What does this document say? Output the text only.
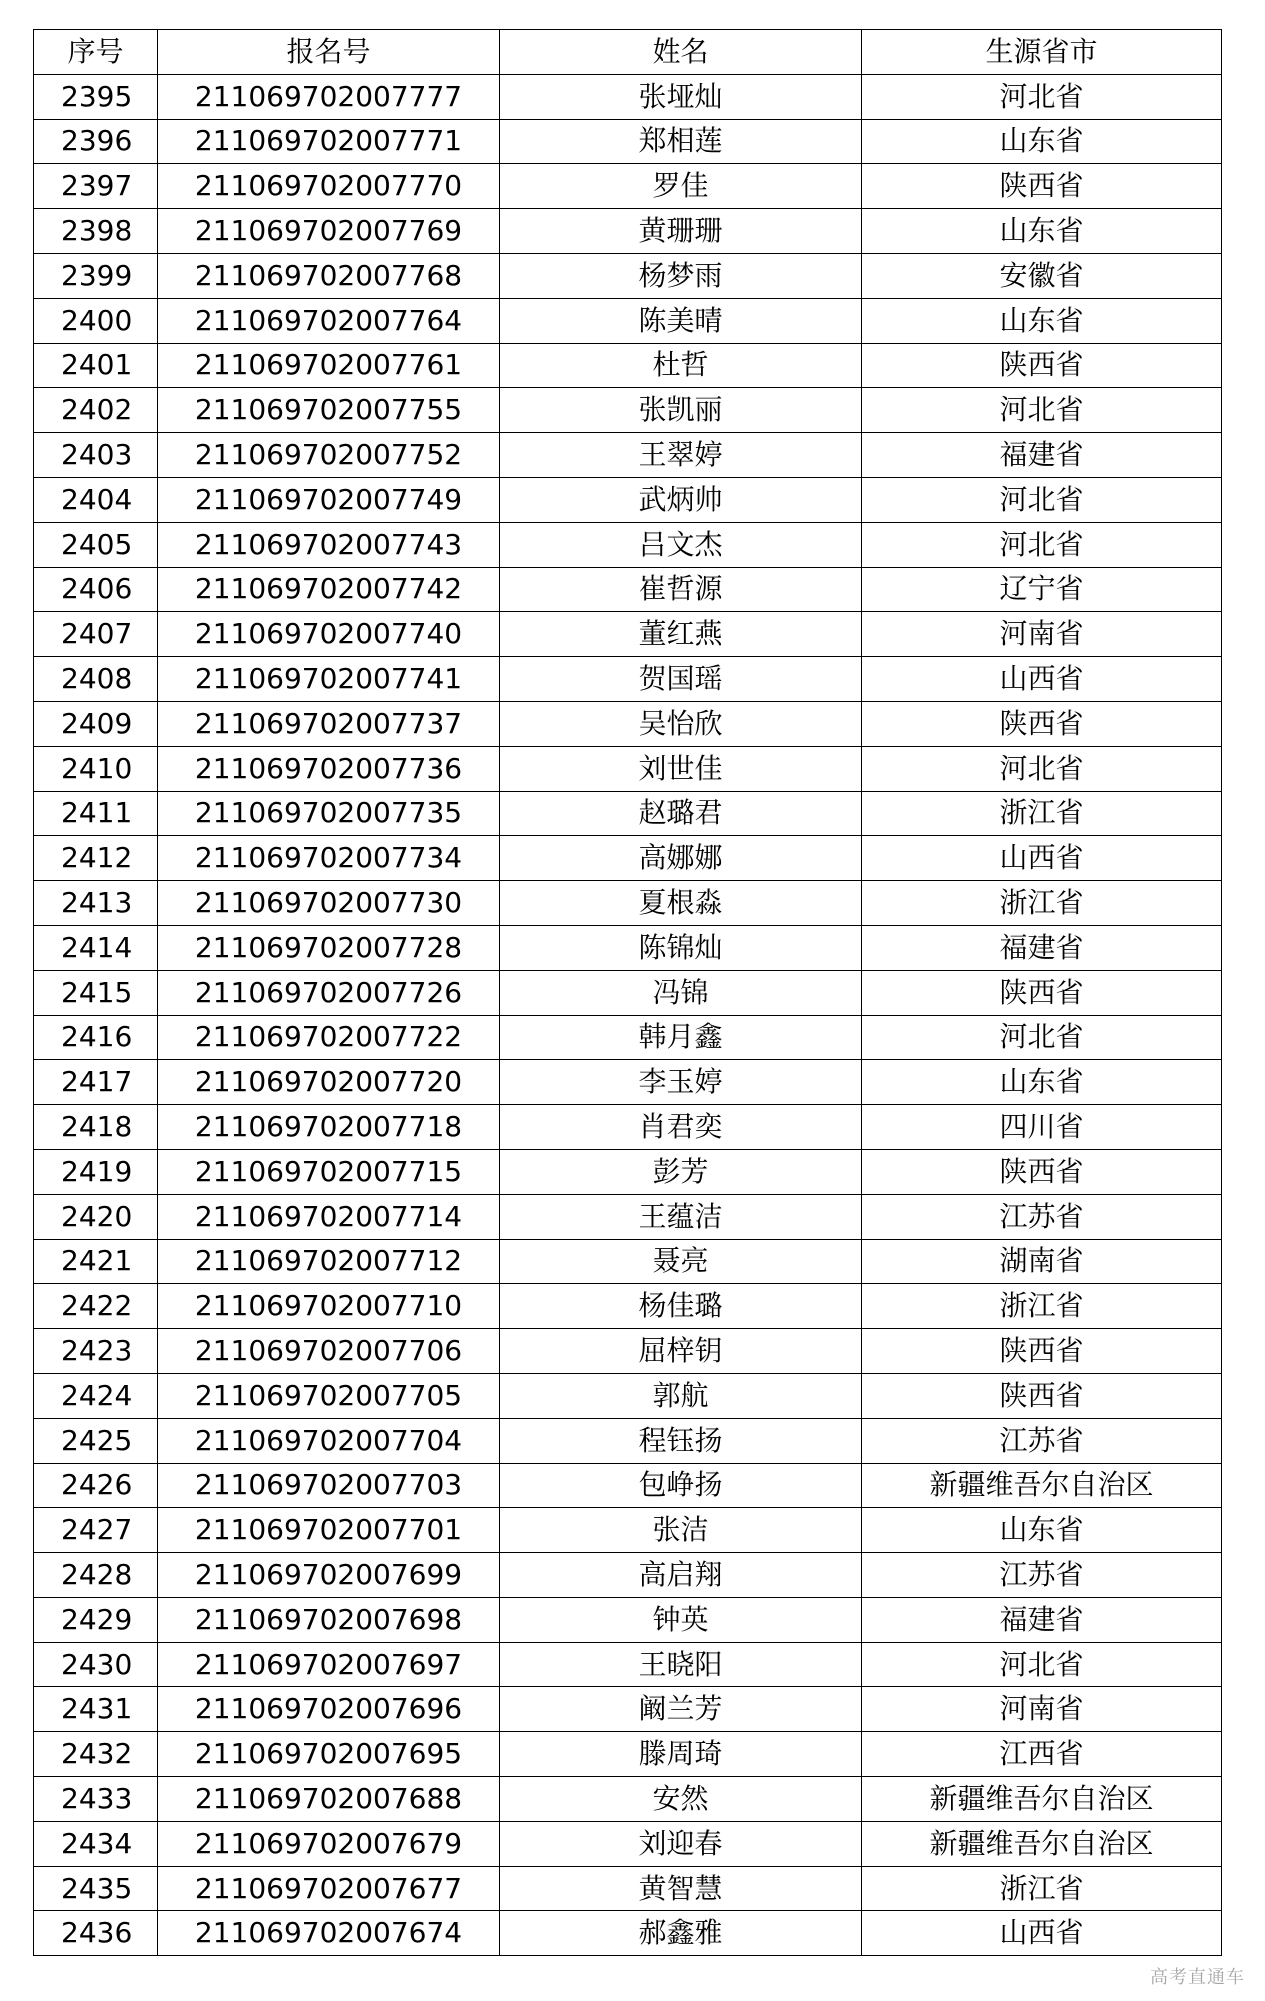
序号	报名号	姓名	生源省市
2395	211069702007777	张垭灿	河北省
2396	211069702007771	郑相莲	山东省
2397	211069702007770	罗佳	陕西省
2398	211069702007769	黄珊珊	山东省
2399	211069702007768	杨梦雨	安徽省
2400	211069702007764	陈美晴	山东省
2401	211069702007761	杜哲	陕西省
2402	211069702007755	张凯丽	河北省
2403	211069702007752	王翠婷	福建省
2404	211069702007749	武炳帅	河北省
2405	211069702007743	吕文杰	河北省
2406	211069702007742	崔哲源	辽宁省
2407	211069702007740	董红燕	河南省
2408	211069702007741	贺国瑶	山西省
2409	211069702007737	吴怡欣	陕西省
2410	211069702007736	刘世佳	河北省
2411	211069702007735	赵璐君	浙江省
2412	211069702007734	高娜娜	山西省
2413	211069702007730	夏根淼	浙江省
2414	211069702007728	陈锦灿	福建省
2415	211069702007726	冯锦	陕西省
2416	211069702007722	韩月鑫	河北省
2417	211069702007720	李玉婷	山东省
2418	211069702007718	肖君奕	四川省
2419	211069702007715	彭芳	陕西省
2420	211069702007714	王蕴洁	江苏省
2421	211069702007712	聂亮	湖南省
2422	211069702007710	杨佳璐	浙江省
2423	211069702007706	屈梓钥	陕西省
2424	211069702007705	郭航	陕西省
2425	211069702007704	程钰扬	江苏省
2426	211069702007703	包峥扬	新疆维吾尔自治区
2427	211069702007701	张洁	山东省
2428	211069702007699	高启翔	江苏省
2429	211069702007698	钟英	福建省
2430	211069702007697	王晓阳	河北省
2431	211069702007696	阚兰芳	河南省
2432	211069702007695	滕周琦	江西省
2433	211069702007688	安然	新疆维吾尔自治区
2434	211069702007679	刘迎春	新疆维吾尔自治区
2435	211069702007677	黄智慧	浙江省
2436	211069702007674	郝鑫雅	山西省
高考直通车
